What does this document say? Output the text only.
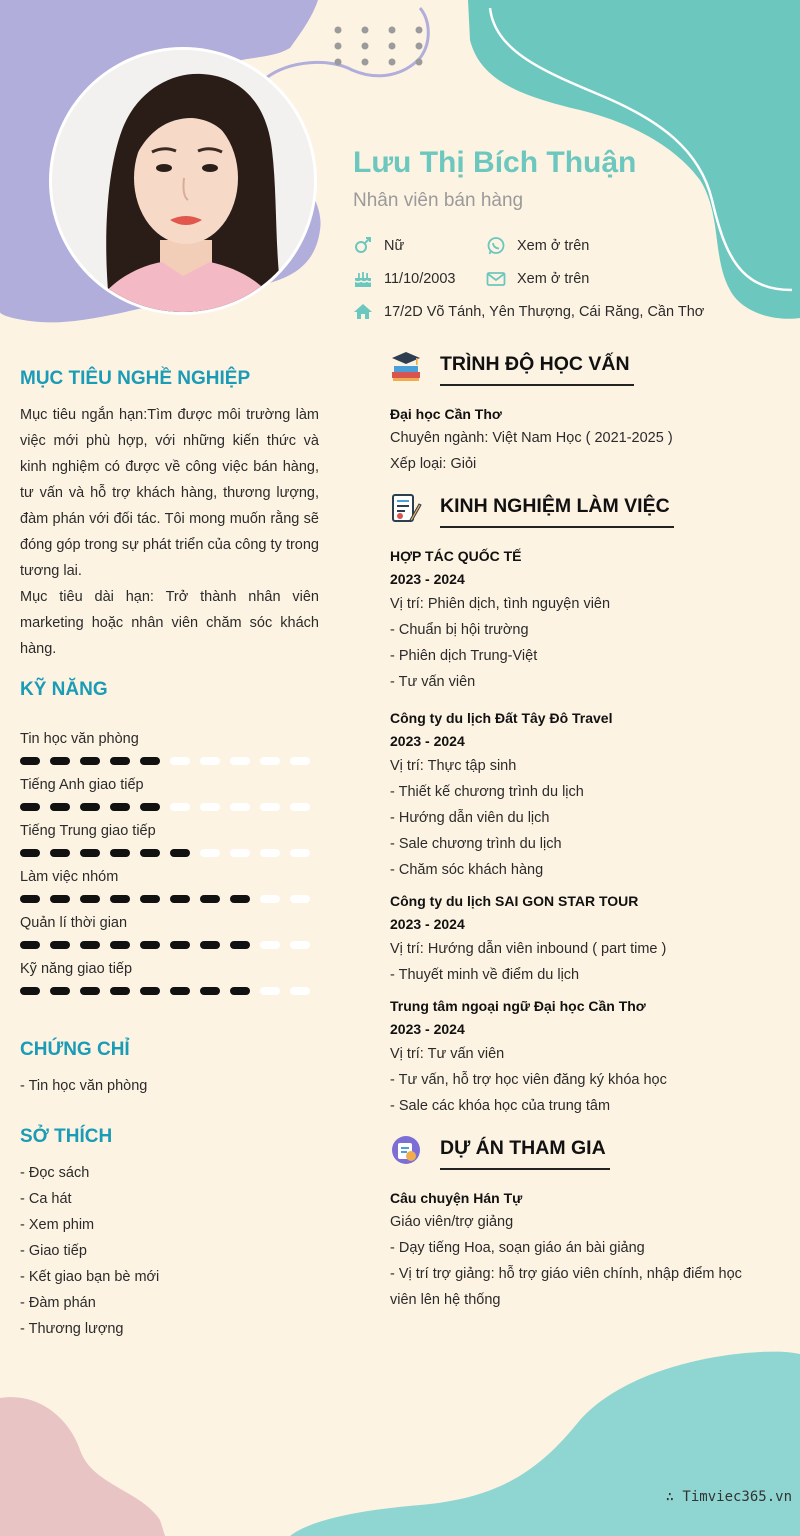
Lưu Thị Bích Thuận
Nhân viên bán hàng
Nữ	Xem ở trên
11/10/2003	Xem ở trên
17/2D Võ Tánh, Yên Thượng, Cái Răng, Cần Thơ
MỤC TIÊU NGHỀ NGHIỆP

Mục tiêu ngắn hạn:Tìm được môi trường làm việc mới phù hợp, với những kiến thức và kinh nghiệm có được về công việc bán hàng, tư vấn và hỗ trợ khách hàng, thương lượng, đàm phán với đối tác. Tôi mong muốn rằng sẽ đóng góp trong sự phát triển của công ty trong tương lai.

Mục tiêu dài hạn: Trở thành nhân viên marketing hoặc nhân viên chăm sóc khách hàng.

KỸ NĂNG
Tin học văn phòng
Tiếng Anh giao tiếp
Tiếng Trung giao tiếp
Làm việc nhóm
Quản lí thời gian
Kỹ năng giao tiếp
CHỨNG CHỈ
- Tin học văn phòng
SỞ THÍCH
- Đọc sách
- Ca hát
- Xem phim
- Giao tiếp
- Kết giao bạn bè mới
- Đàm phán
- Thương lượng
TRÌNH ĐỘ HỌC VẤN
Đại học Cần Thơ
Chuyên ngành: Việt Nam Học ( 2021-2025 )
Xếp loại: Giỏi
KINH NGHIỆM LÀM VIỆC
HỢP TÁC QUỐC TẾ
2023 - 2024
Vị trí: Phiên dịch, tình nguyện viên
- Chuẩn bị hội trường
- Phiên dịch Trung-Việt
- Tư vấn viên
Công ty du lịch Đất Tây Đô Travel
2023 - 2024
Vị trí: Thực tập sinh
- Thiết kế chương trình du lịch
- Hướng dẫn viên du lịch
- Sale chương trình du lịch
- Chăm sóc khách hàng
Công ty du lịch SAI GON STAR TOUR
2023 - 2024
Vị trí: Hướng dẫn viên inbound ( part time )
- Thuyết minh về điểm du lịch
Trung tâm ngoại ngữ Đại học Cần Thơ
2023 - 2024
Vị trí: Tư vấn viên
- Tư vấn, hỗ trợ học viên đăng ký khóa học
- Sale các khóa học của trung tâm
DỰ ÁN THAM GIA
Câu chuyện Hán Tự
Giáo viên/trợ giảng
- Dạy tiếng Hoa, soạn giáo án bài giảng
- Vị trí trợ giảng: hỗ trợ giáo viên chính, nhập điểm học viên lên hệ thống
∴ Timviec365.vn
